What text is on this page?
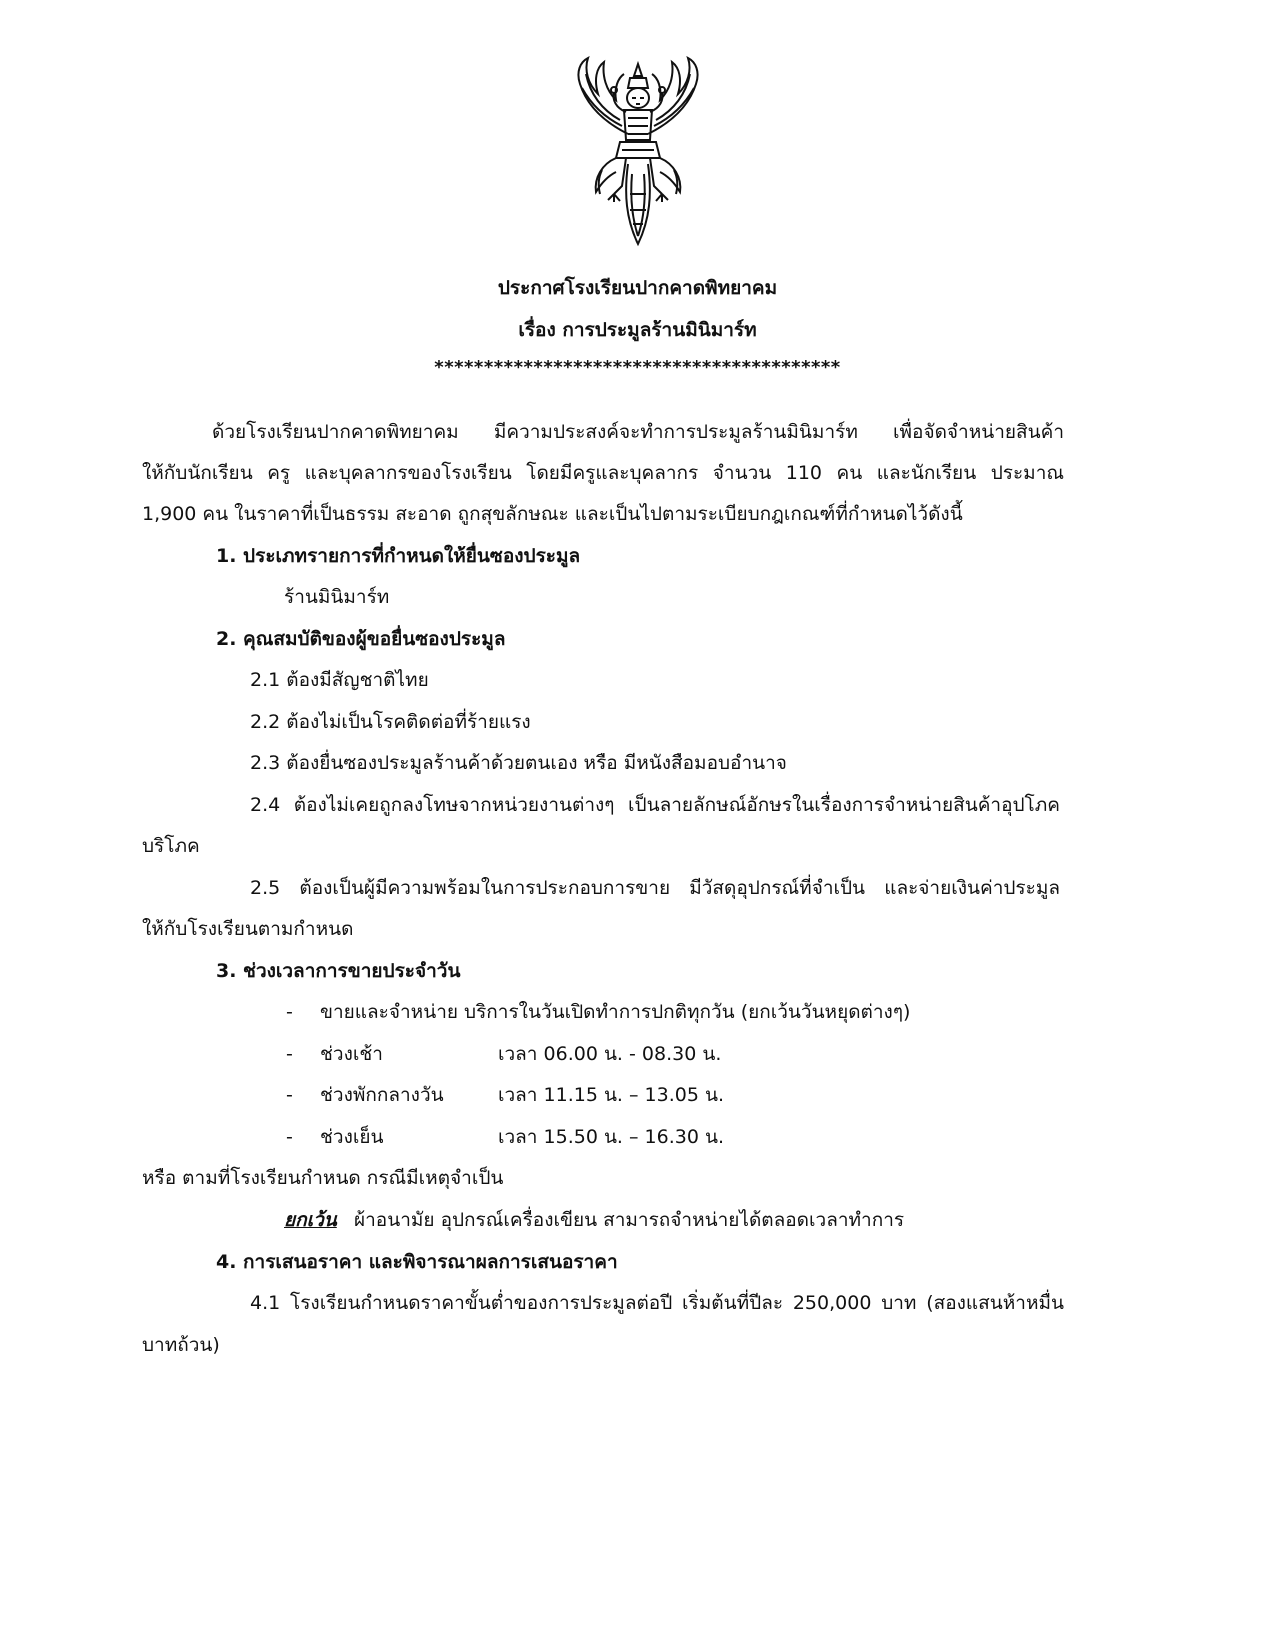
ประกาศโรงเรียนปากคาดพิทยาคม
เรื่อง การประมูลร้านมินิมาร์ท
*****************************************
ด้วยโรงเรียนปากคาดพิทยาคม มีความประสงค์จะทำการประมูลร้านมินิมาร์ท เพื่อจัดจำหน่ายสินค้า
ให้กับนักเรียน ครู และบุคลากรของโรงเรียน โดยมีครูและบุคลากร จำนวน 110 คน และนักเรียน ประมาณ
1,900 คน ในราคาที่เป็นธรรม สะอาด ถูกสุขลักษณะ และเป็นไปตามระเบียบกฎเกณฑ์ที่กำหนดไว้ดังนี้
1. ประเภทรายการที่กำหนดให้ยื่นซองประมูล
ร้านมินิมาร์ท
2. คุณสมบัติของผู้ขอยื่นซองประมูล
2.1 ต้องมีสัญชาติไทย
2.2 ต้องไม่เป็นโรคติดต่อที่ร้ายแรง
2.3 ต้องยื่นซองประมูลร้านค้าด้วยตนเอง หรือ มีหนังสือมอบอำนาจ
2.4 ต้องไม่เคยถูกลงโทษจากหน่วยงานต่างๆ เป็นลายลักษณ์อักษรในเรื่องการจำหน่ายสินค้าอุปโภค
บริโภค
2.5 ต้องเป็นผู้มีความพร้อมในการประกอบการขาย มีวัสดุอุปกรณ์ที่จำเป็น และจ่ายเงินค่าประมูล
ให้กับโรงเรียนตามกำหนด
3. ช่วงเวลาการขายประจำวัน
- ขายและจำหน่าย บริการในวันเปิดทำการปกติทุกวัน (ยกเว้นวันหยุดต่างๆ)
- ช่วงเช้า	เวลา 06.00 น. - 08.30 น.
- ช่วงพักกลางวัน	เวลา 11.15 น. – 13.05 น.
- ช่วงเย็น	เวลา 15.50 น. – 16.30 น.
หรือ ตามที่โรงเรียนกำหนด กรณีมีเหตุจำเป็น
ยกเว้น ผ้าอนามัย อุปกรณ์เครื่องเขียน สามารถจำหน่ายได้ตลอดเวลาทำการ
4. การเสนอราคา และพิจารณาผลการเสนอราคา
4.1 โรงเรียนกำหนดราคาขั้นต่ำของการประมูลต่อปี เริ่มต้นที่ปีละ 250,000 บาท (สองแสนห้าหมื่น
บาทถ้วน)
